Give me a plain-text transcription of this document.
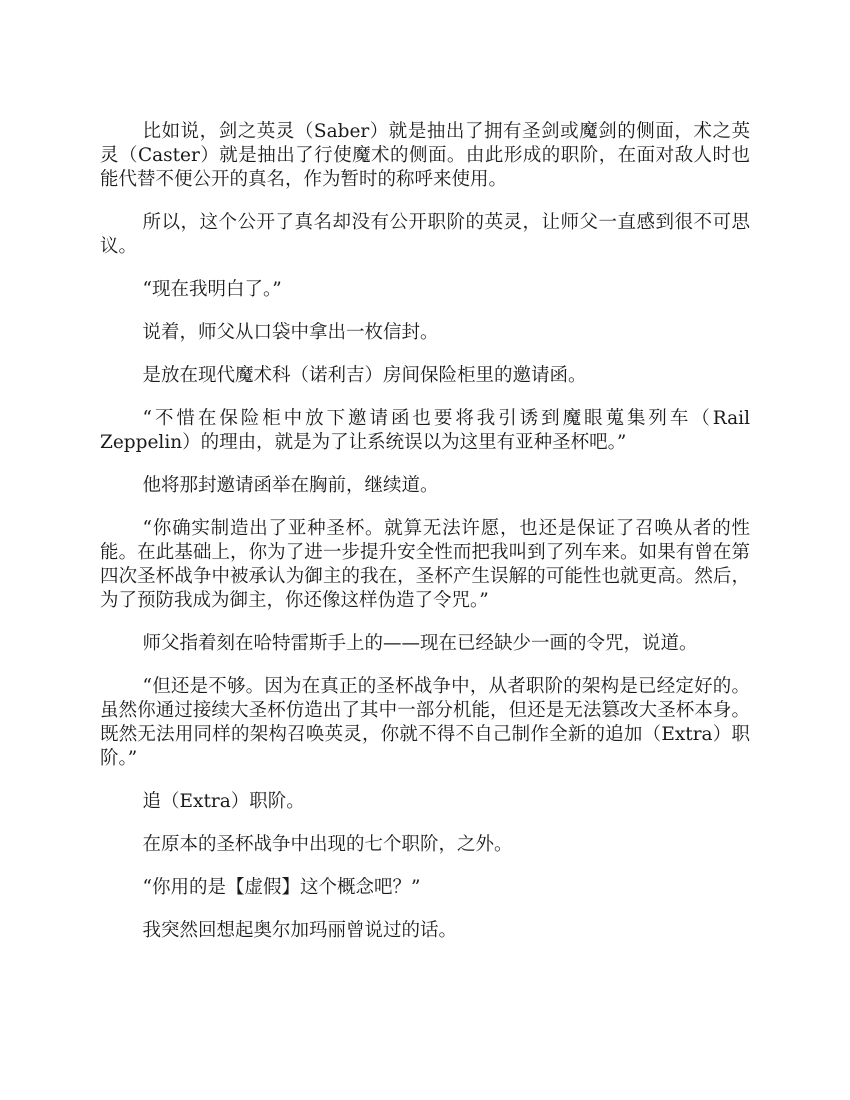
比如说，剑之英灵（Saber）就是抽出了拥有圣剑或魔剑的侧面，术之英灵（Caster）就是抽出了行使魔术的侧面。由此形成的职阶，在面对敌人时也能代替不便公开的真名，作为暂时的称呼来使用。

所以，这个公开了真名却没有公开职阶的英灵，让师父一直感到很不可思议。

“现在我明白了。”

说着，师父从口袋中拿出一枚信封。

是放在现代魔术科（诺利吉）房间保险柜里的邀请函。

“不惜在保险柜中放下邀请函也要将我引诱到魔眼蒐集列车（Rail Zeppelin）的理由，就是为了让系统误以为这里有亚种圣杯吧。”

他将那封邀请函举在胸前，继续道。

“你确实制造出了亚种圣杯。就算无法许愿，也还是保证了召唤从者的性能。在此基础上，你为了进一步提升安全性而把我叫到了列车来。如果有曾在第四次圣杯战争中被承认为御主的我在，圣杯产生误解的可能性也就更高。然后，为了预防我成为御主，你还像这样伪造了令咒。”

师父指着刻在哈特雷斯手上的——现在已经缺少一画的令咒，说道。

“但还是不够。因为在真正的圣杯战争中，从者职阶的架构是已经定好的。虽然你通过接续大圣杯仿造出了其中一部分机能，但还是无法篡改大圣杯本身。既然无法用同样的架构召唤英灵，你就不得不自己制作全新的追加（Extra）职阶。”

追（Extra）职阶。

在原本的圣杯战争中出现的七个职阶，之外。

“你用的是【虚假】这个概念吧？”

我突然回想起奥尔加玛丽曾说过的话。
